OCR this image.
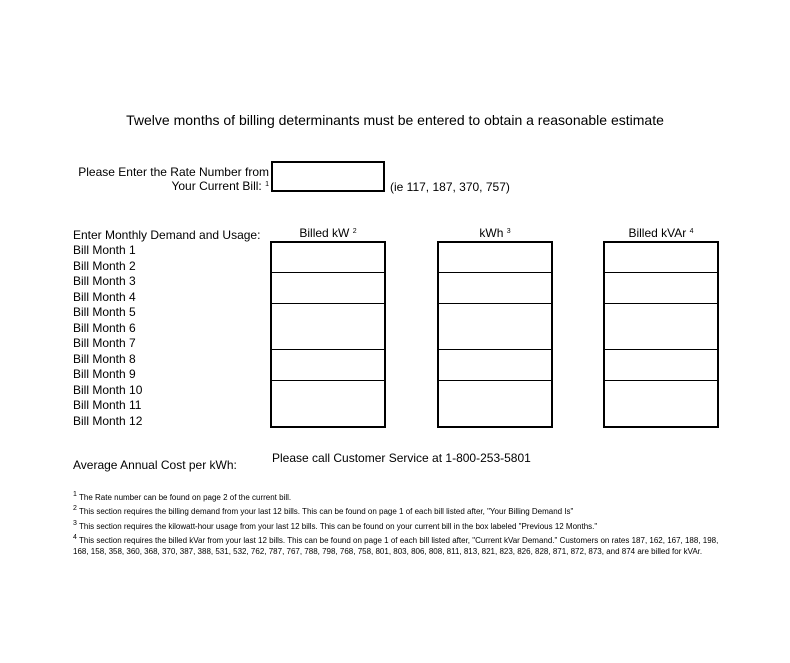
Twelve months of billing determinants must be entered to obtain a reasonable estimate
Please Enter the Rate Number from
Your Current Bill: $^1$	(ie 117, 187, 370, 757)
Enter Monthly Demand and Usage:	Billed kW $^2$	kWh $^3$	Billed kVAr $^4$
Bill Month 1
Bill Month 2
Bill Month 3
Bill Month 4
Bill Month 5
Bill Month 6
Bill Month 7
Bill Month 8
Bill Month 9
Bill Month 10
Bill Month 11
Bill Month 12
Average Annual Cost per kWh:	Please call Customer Service at 1-800-253-5801
$^1$ The Rate number can be found on page 2 of the current bill.
$^2$ This section requires the billing demand from your last 12 bills. This can be found on page 1 of each bill listed after, "Your Billing Demand Is"
$^3$ This section requires the kilowatt-hour usage from your last 12 bills. This can be found on your current bill in the box labeled "Previous 12 Months."
$^4$ This section requires the billed kVar from your last 12 bills. This can be found on page 1 of each bill listed after, "Current kVar Demand." Customers on rates 187, 162, 167, 188, 198, 168, 158, 358, 360, 368, 370, 387, 388, 531, 532, 762, 787, 767, 788, 798, 768, 758, 801, 803, 806, 808, 811, 813, 821, 823, 826, 828, 871, 872, 873, and 874 are billed for kVAr.
